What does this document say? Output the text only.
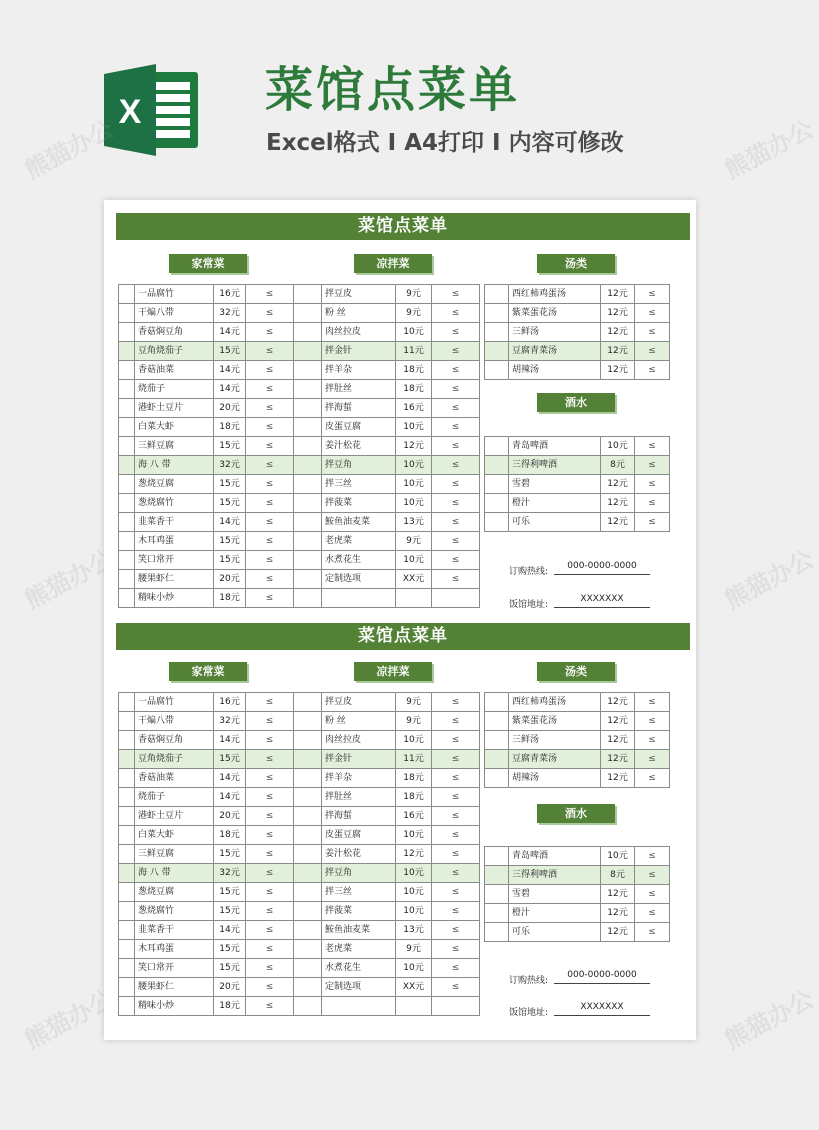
X	菜馆点菜单
Excel格式 I A4打印 I 内容可修改
熊猫办公	熊猫办公
熊猫办公	熊猫办公
熊猫办公	熊猫办公
菜馆点菜单
家常菜	凉拌菜	汤类
酒水
	一品腐竹	16元	≤
	干煸八带	32元	≤
	香菇焖豆角	14元	≤
	豆角烧茄子	15元	≤
	香菇油菜	14元	≤
	烧茄子	14元	≤
	港虾土豆片	20元	≤
	白菜大虾	18元	≤
	三鲜豆腐	15元	≤
	海 八 带	32元	≤
	葱烧豆腐	15元	≤
	葱烧腐竹	15元	≤
	韭菜香干	14元	≤
	木耳鸡蛋	15元	≤
	笑口常开	15元	≤
	腰果虾仁	20元	≤
	精味小炒	18元	≤
	拌豆皮	9元	≤
	粉 丝	9元	≤
	肉丝拉皮	10元	≤
	拌金针	11元	≤
	拌羊杂	18元	≤
	拌肚丝	18元	≤
	拌海蜇	16元	≤
	皮蛋豆腐	10元	≤
	姜汁松花	12元	≤
	拌豆角	10元	≤
	拌三丝	10元	≤
	拌菠菜	10元	≤
	鮟鱼油麦菜	13元	≤
	老虎菜	9元	≤
	水煮花生	10元	≤
	定制选项	XX元	≤

	西红柿鸡蛋汤	12元	≤
	紫菜蛋花汤	12元	≤
	三鲜汤	12元	≤
	豆腐青菜汤	12元	≤
	胡辣汤	12元	≤
	青岛啤酒	10元	≤
	三得利啤酒	8元	≤
	雪碧	12元	≤
	橙汁	12元	≤
	可乐	12元	≤
订购热线:
000-0000-0000
饭馆地址:
XXXXXXX
菜馆点菜单
家常菜	凉拌菜	汤类
酒水
	一品腐竹	16元	≤
	干煸八带	32元	≤
	香菇焖豆角	14元	≤
	豆角烧茄子	15元	≤
	香菇油菜	14元	≤
	烧茄子	14元	≤
	港虾土豆片	20元	≤
	白菜大虾	18元	≤
	三鲜豆腐	15元	≤
	海 八 带	32元	≤
	葱烧豆腐	15元	≤
	葱烧腐竹	15元	≤
	韭菜香干	14元	≤
	木耳鸡蛋	15元	≤
	笑口常开	15元	≤
	腰果虾仁	20元	≤
	精味小炒	18元	≤
	拌豆皮	9元	≤
	粉 丝	9元	≤
	肉丝拉皮	10元	≤
	拌金针	11元	≤
	拌羊杂	18元	≤
	拌肚丝	18元	≤
	拌海蜇	16元	≤
	皮蛋豆腐	10元	≤
	姜汁松花	12元	≤
	拌豆角	10元	≤
	拌三丝	10元	≤
	拌菠菜	10元	≤
	鮟鱼油麦菜	13元	≤
	老虎菜	9元	≤
	水煮花生	10元	≤
	定制选项	XX元	≤

	西红柿鸡蛋汤	12元	≤
	紫菜蛋花汤	12元	≤
	三鲜汤	12元	≤
	豆腐青菜汤	12元	≤
	胡辣汤	12元	≤
	青岛啤酒	10元	≤
	三得利啤酒	8元	≤
	雪碧	12元	≤
	橙汁	12元	≤
	可乐	12元	≤
订购热线:
000-0000-0000
饭馆地址:
XXXXXXX
